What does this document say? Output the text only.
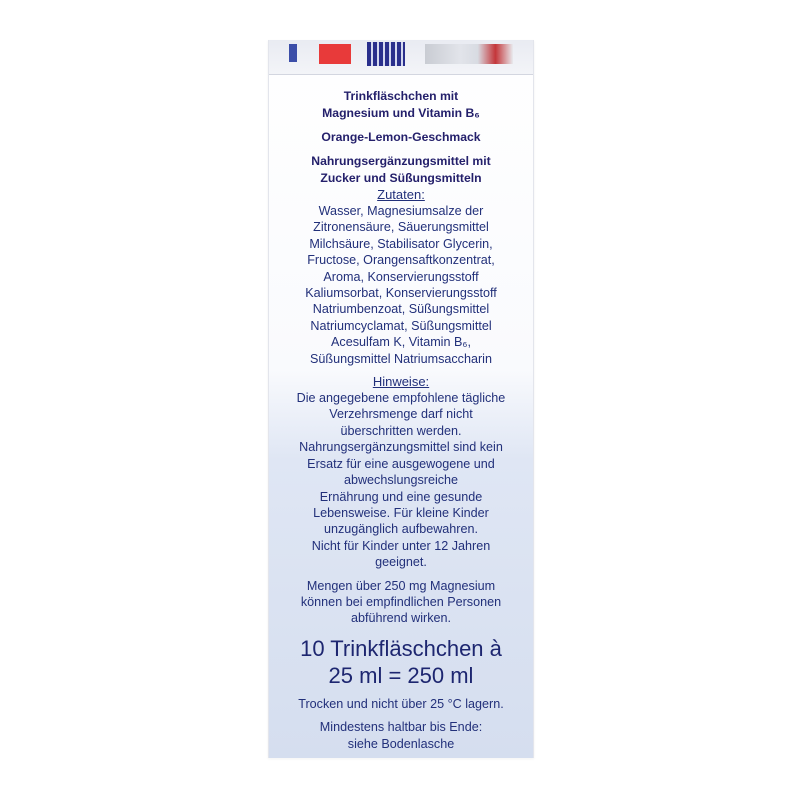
Trinkfläschchen mit
Magnesium und Vitamin B₆

Orange-Lemon-Geschmack

Nahrungsergänzungsmittel mit
Zucker und Süßungsmitteln

Zutaten:

Wasser, Magnesiumsalze der
Zitronensäure, Säuerungsmittel
Milchsäure, Stabilisator Glycerin,
Fructose, Orangensaftkonzentrat,
Aroma, Konservierungsstoff
Kaliumsorbat, Konservierungsstoff
Natriumbenzoat, Süßungsmittel
Natriumcyclamat, Süßungsmittel
Acesulfam K, Vitamin B₆,
Süßungsmittel Natriumsaccharin

Hinweise:

Die angegebene empfohlene tägliche
Verzehrsmenge darf nicht
überschritten werden.
Nahrungsergänzungsmittel sind kein
Ersatz für eine ausgewogene und
abwechslungsreiche
Ernährung und eine gesunde
Lebensweise. Für kleine Kinder
unzugänglich aufbewahren.
Nicht für Kinder unter 12 Jahren
geeignet.

Mengen über 250 mg Magnesium
können bei empfindlichen Personen
abführend wirken.

10 Trinkfläschchen à
25 ml = 250 ml

Trocken und nicht über 25 °C lagern.

Mindestens haltbar bis Ende:
siehe Bodenlasche
